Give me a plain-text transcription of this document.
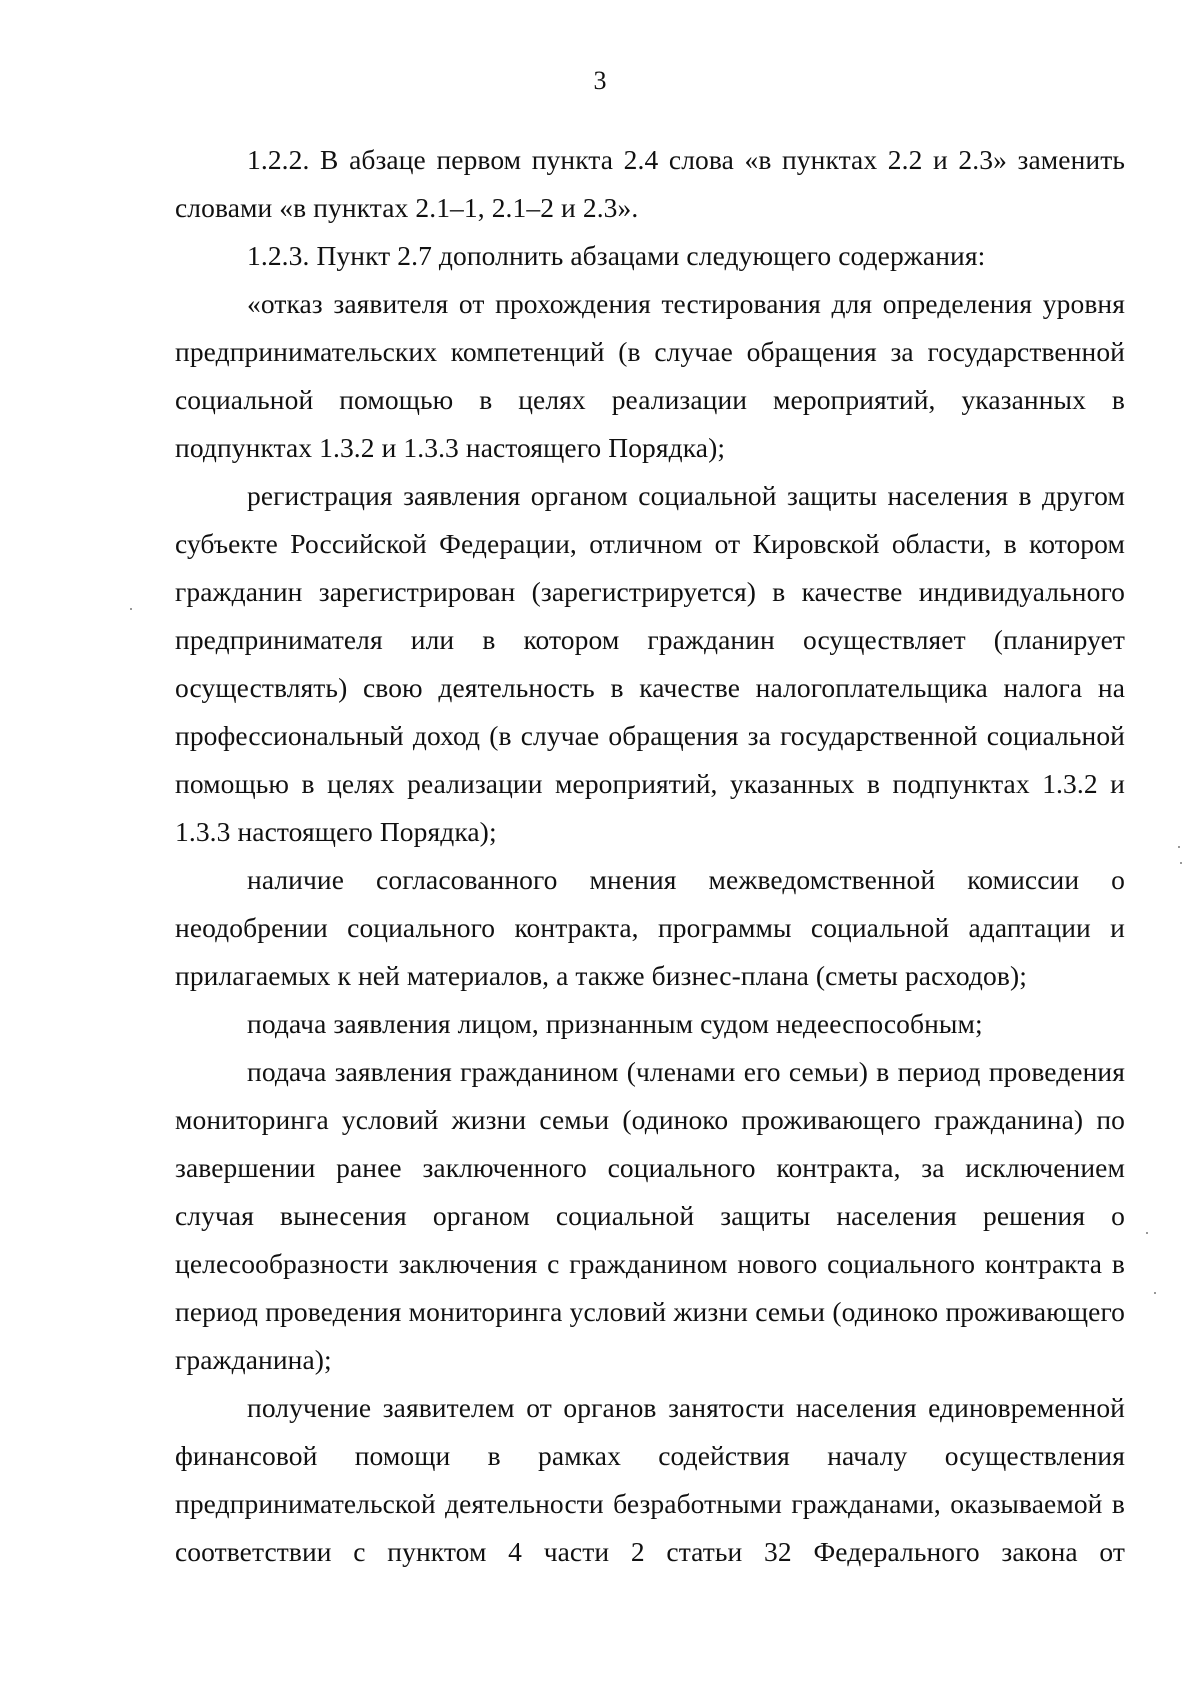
3

1.2.2. В абзаце первом пункта 2.4 слова «в пунктах 2.2 и 2.3» заменить словами «в пунктах 2.1–1, 2.1–2 и 2.3».

1.2.3. Пункт 2.7 дополнить абзацами следующего содержания:

«отказ заявителя от прохождения тестирования для определения уровня предпринимательских компетенций (в случае обращения за государственной социальной помощью в целях реализации мероприятий, указанных в подпунктах 1.3.2 и 1.3.3 настоящего Порядка);

регистрация заявления органом социальной защиты населения в другом субъекте Российской Федерации, отличном от Кировской области, в котором гражданин зарегистрирован (зарегистрируется) в качестве индивидуального предпринимателя или в котором гражданин осуществляет (планирует осуществлять) свою деятельность в качестве налогоплательщика налога на профессиональный доход (в случае обращения за государственной социальной помощью в целях реализации мероприятий, указанных в подпунктах 1.3.2 и 1.3.3 настоящего Порядка);

наличие согласованного мнения межведомственной комиссии о неодобрении социального контракта, программы социальной адаптации и прилагаемых к ней материалов, а также бизнес-плана (сметы расходов);

подача заявления лицом, признанным судом недееспособным;

подача заявления гражданином (членами его семьи) в период проведения мониторинга условий жизни семьи (одиноко проживающего гражданина) по завершении ранее заключенного социального контракта, за исключением случая вынесения органом социальной защиты населения решения о целесообразности заключения с гражданином нового социального контракта в период проведения мониторинга условий жизни семьи (одиноко проживающего гражданина);

получение заявителем от органов занятости населения единовременной финансовой помощи в рамках содействия началу осуществления предпринимательской деятельности безработными гражданами, оказываемой в соответствии с пунктом 4 части 2 статьи 32 Федерального закона от
